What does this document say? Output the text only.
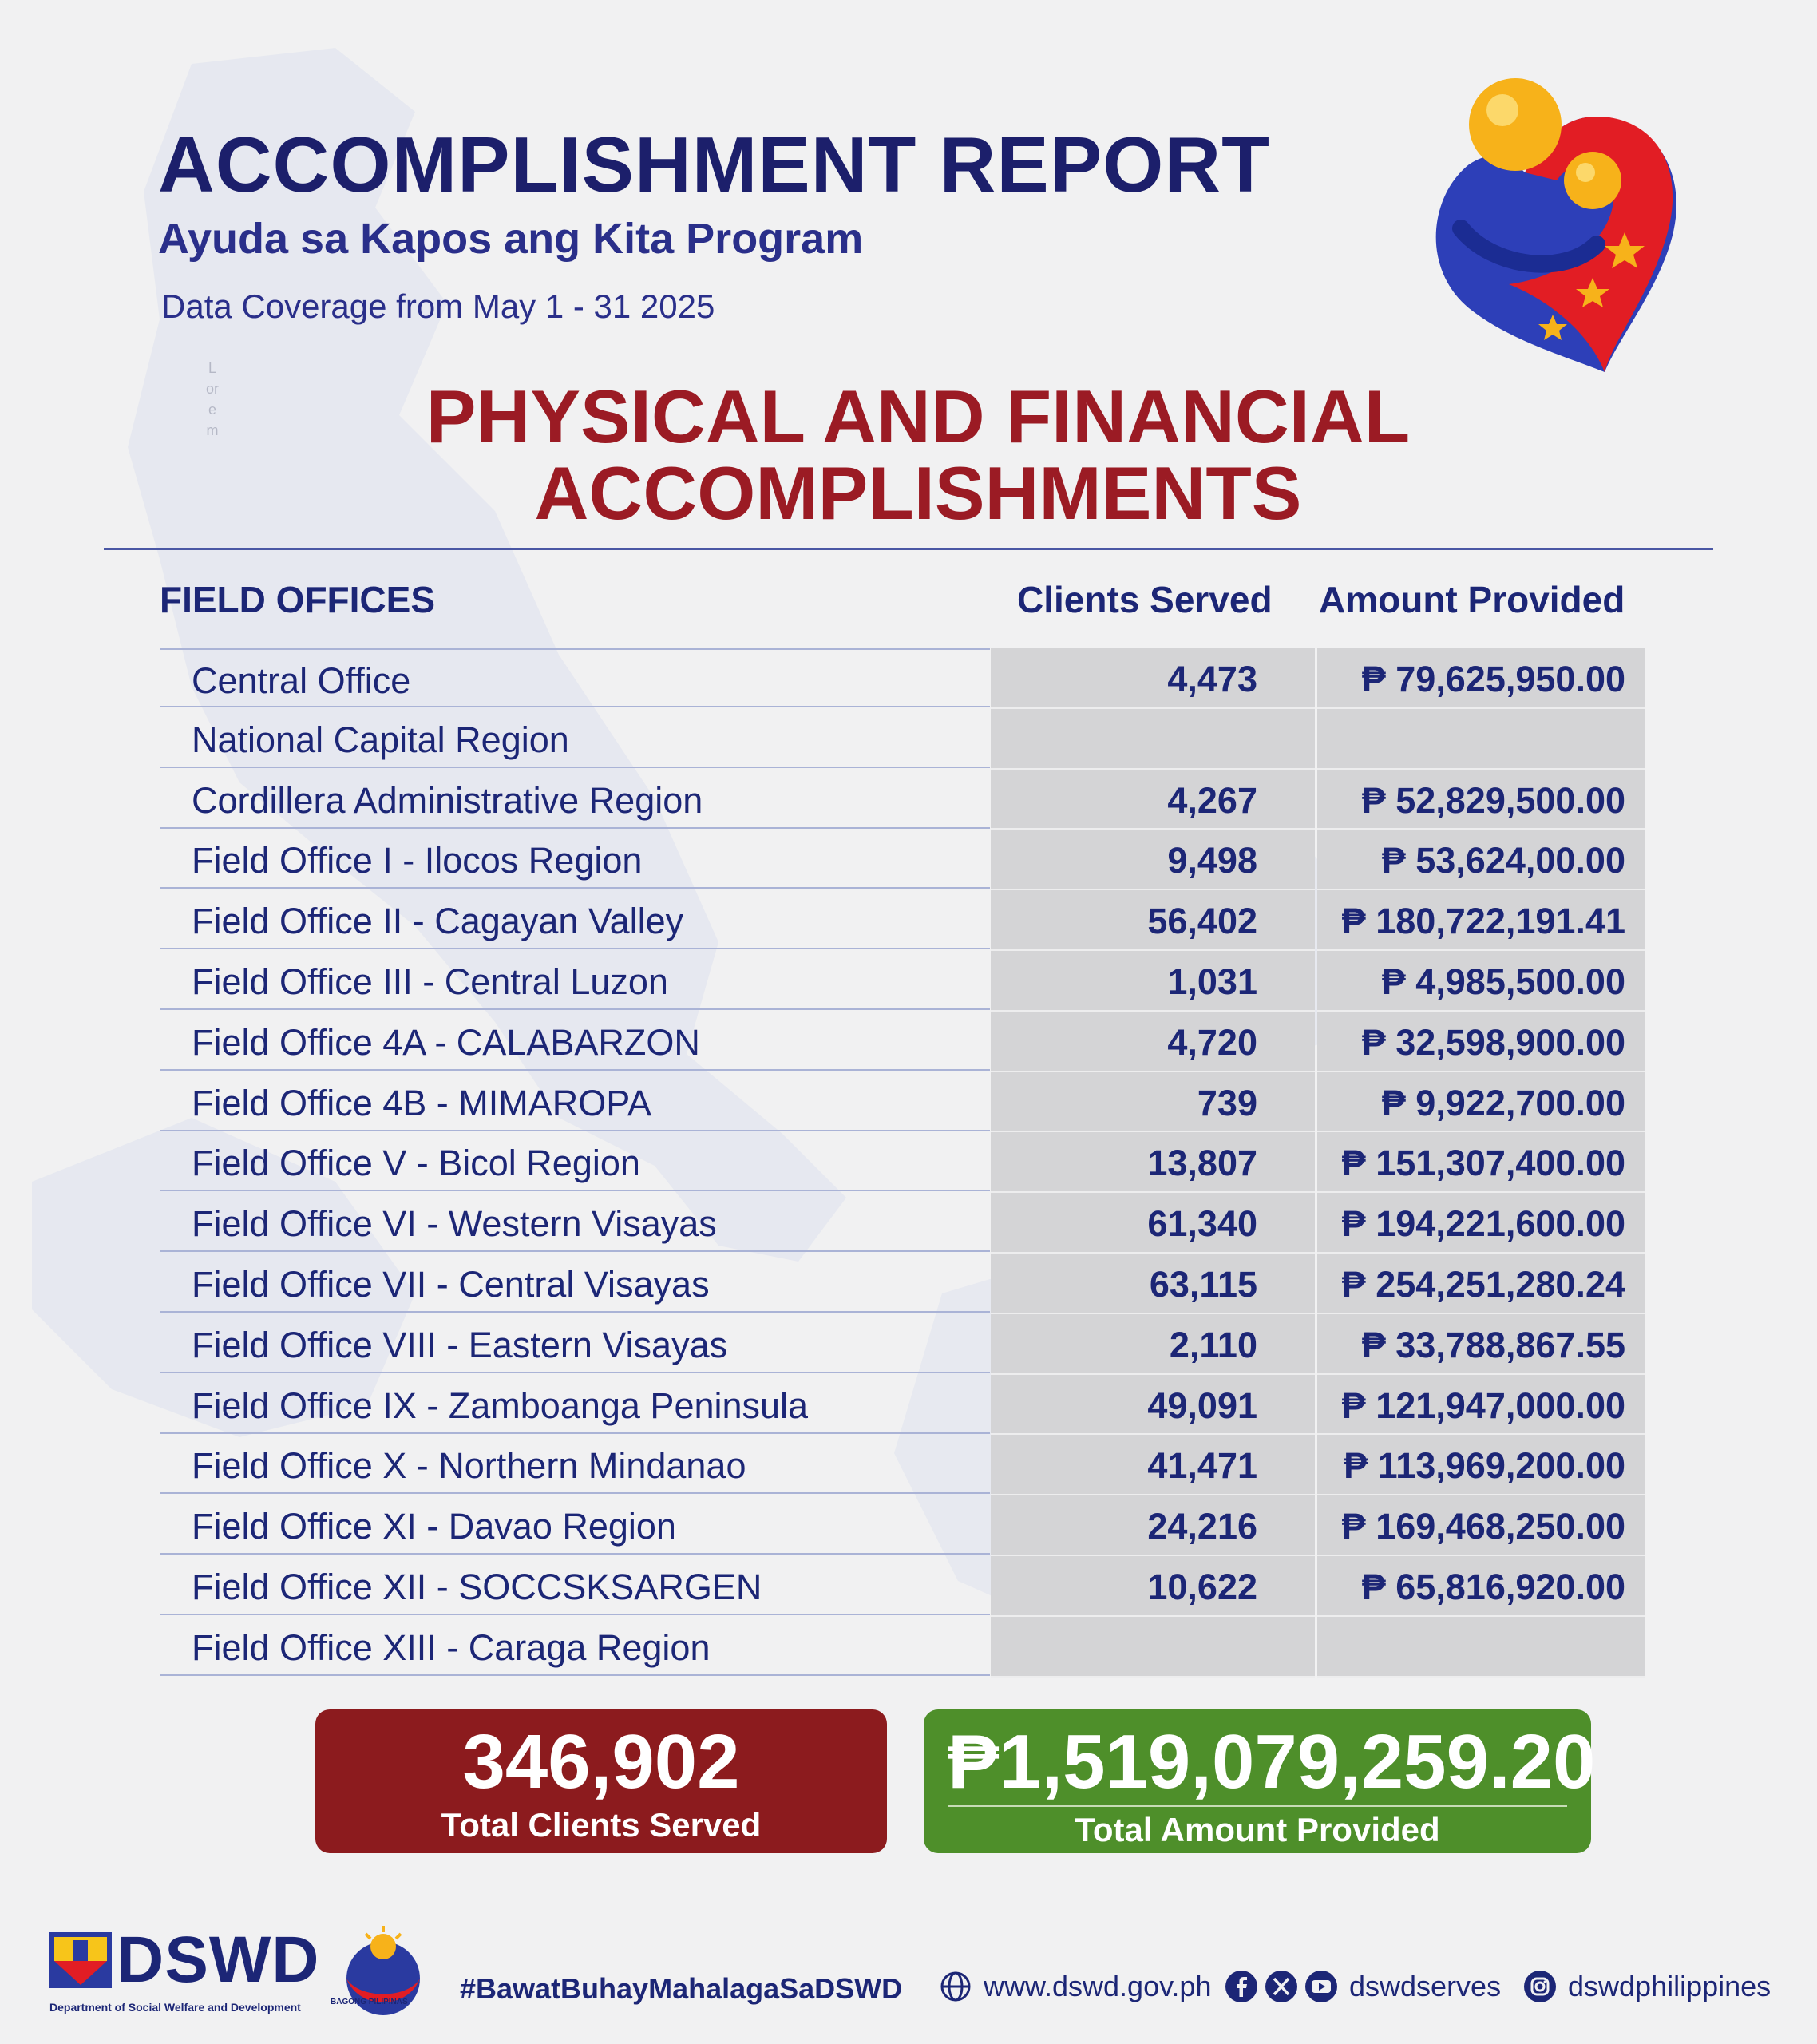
ACCOMPLISHMENT REPORT
Ayuda sa Kapos ang Kita Program
Data Coverage from May 1 - 31 2025
L
or
e
m	PHYSICAL AND FINANCIAL
ACCOMPLISHMENTS
FIELD OFFICES	Clients Served Amount Provided
Central Office	4,473	₱ 79,625,950.00
National Capital Region
Cordillera Administrative Region	4,267	₱ 52,829,500.00
Field Office I - Ilocos Region	9,498	₱ 53,624,00.00
Field Office II - Cagayan Valley	56,402	₱ 180,722,191.41
Field Office III - Central Luzon	1,031	₱ 4,985,500.00
Field Office 4A - CALABARZON	4,720	₱ 32,598,900.00
Field Office 4B - MIMAROPA	739	₱ 9,922,700.00
Field Office V - Bicol Region	13,807	₱ 151,307,400.00
Field Office VI - Western Visayas	61,340	₱ 194,221,600.00
Field Office VII - Central Visayas	63,115	₱ 254,251,280.24
Field Office VIII - Eastern Visayas	2,110	₱ 33,788,867.55
Field Office IX - Zamboanga Peninsula	49,091	₱ 121,947,000.00
Field Office X - Northern Mindanao	41,471	₱ 113,969,200.00
Field Office XI - Davao Region	24,216	₱ 169,468,250.00
Field Office XII - SOCCSKSARGEN	10,622	₱ 65,816,920.00
Field Office XIII - Caraga Region
346,902
Total Clients Served
₱1,519,079,259.20
Total Amount Provided
DSWD
Department of Social Welfare and Development	BAGONG PILIPINAS #BawatBuhayMahalagaSaDSWD	www.dswd.gov.ph	dswdserves dswdphilippines
